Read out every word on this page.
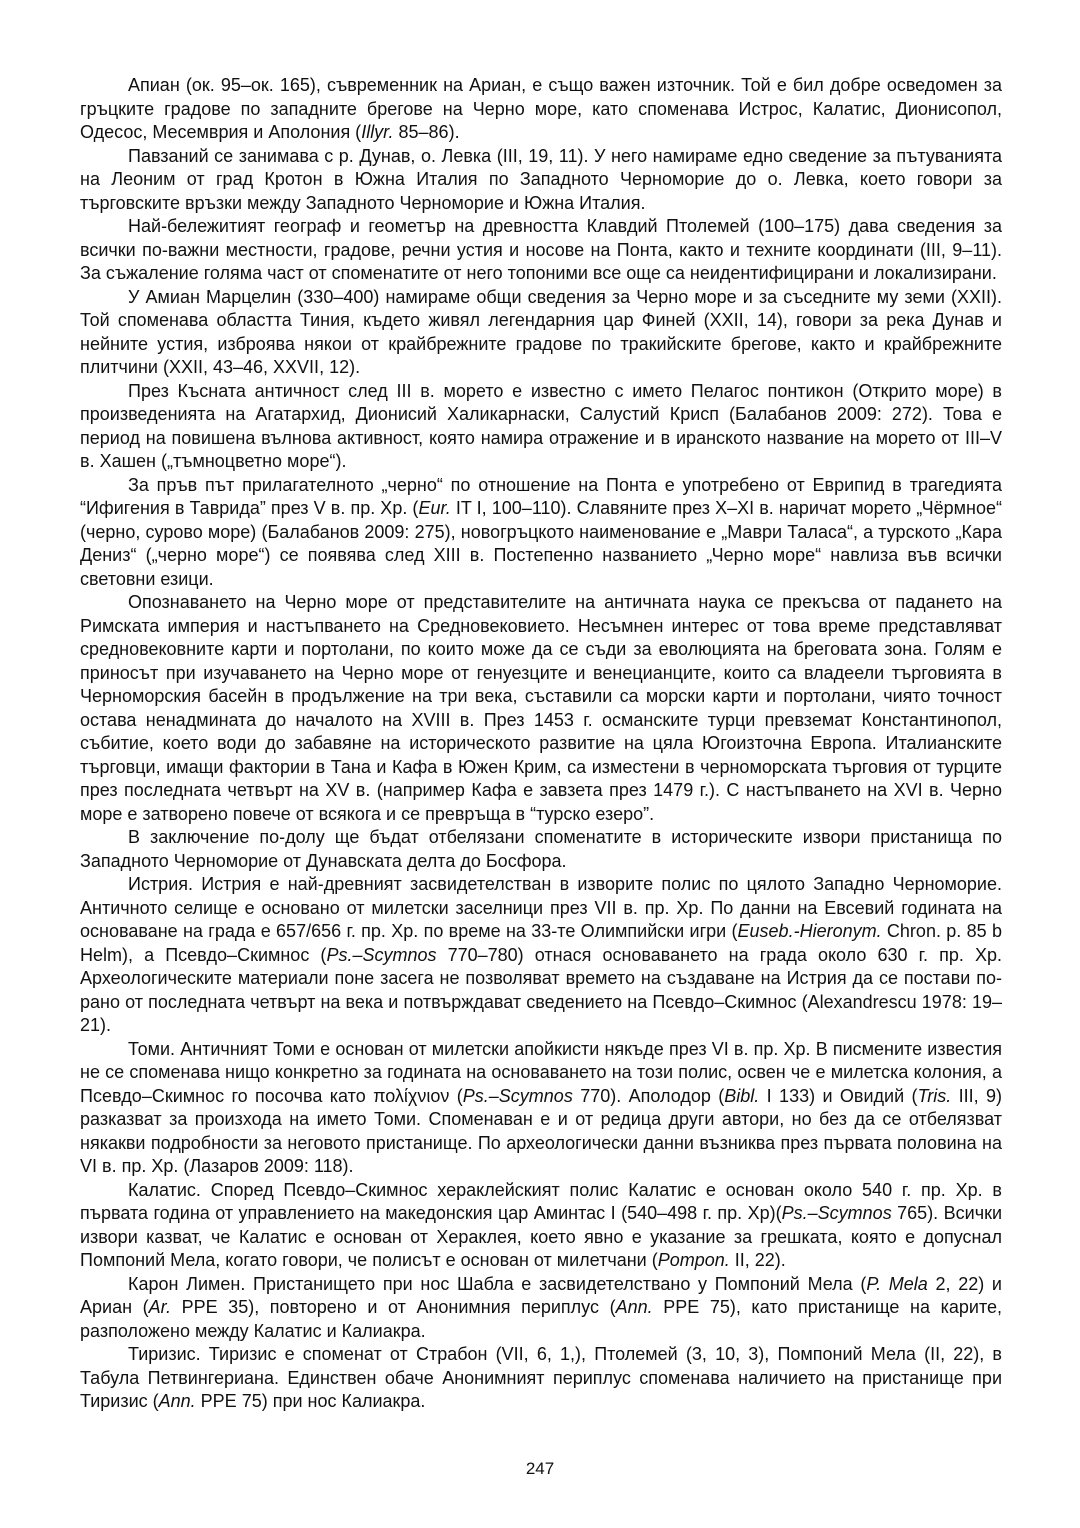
Апиан (ок. 95–ок. 165), съвременник на Ариан, е също важен източник. Той е бил добре осведомен за гръцките градове по западните брегове на Черно море, като споменава Истрос, Калатис, Дионисопол, Одесос, Месемврия и Аполония (Illyr. 85–86).

Павзаний се занимава с р. Дунав, о. Левка (III, 19, 11). У него намираме едно сведение за пътуванията на Леоним от град Кротон в Южна Италия по Западното Черноморие до о. Левка, което говори за търговските връзки между Западното Черноморие и Южна Италия.

Най-бележитият географ и геометър на древността Клавдий Птолемей (100–175) дава сведения за всички по-важни местности, градове, речни устия и носове на Понта, както и техните координати (III, 9–11). За съжаление голяма част от споменатите от него топоними все още са неидентифицирани и локализирани.

У Амиан Марцелин (330–400) намираме общи сведения за Черно море и за съседните му земи (XXII). Той споменава областта Тиния, където живял легендарния цар Финей (XXII, 14), говори за река Дунав и нейните устия, изброява някои от крайбрежните градове по тракийските брегове, както и крайбрежните плитчини (XXII, 43–46, XXVII, 12).

През Късната античност след III в. морето е известно с името Пелагос понтикон (Открито море) в произведенията на Агатархид, Дионисий Халикарнаски, Салустий Крисп (Балабанов 2009: 272). Това е период на повишена вълнова активност, която намира отражение и в иранското название на морето от III–V в. Хашен („тъмноцветно море“).

За пръв път прилагателното „черно“ по отношение на Понта е употребено от Еврипид в трагедията “Ифигения в Таврида” през V в. пр. Хр. (Eur. IT I, 100–110). Славяните през X–XI в. наричат морето „Чёрмное“ (черно, сурово море) (Балабанов 2009: 275), новогръцкото наименование е „Маври Таласа“, а турското „Кара Дениз“ („черно море“) се появява след XIII в. Постепенно названието „Черно море“ навлиза във всички световни езици.

Опознаването на Черно море от представителите на античната наука се прекъсва от падането на Римската империя и настъпването на Средновековието. Несъмнен интерес от това време представляват средновековните карти и портолани, по които може да се съди за еволюцията на бреговата зона. Голям е приносът при изучаването на Черно море от генуезците и венецианците, които са владеели търговията в Черноморския басейн в продължение на три века, съставили са морски карти и портолани, чиято точност остава ненадмината до началото на XVIII в. През 1453 г. османските турци превземат Константинопол, събитие, което води до забавяне на историческото развитие на цяла Югоизточна Европа. Италианските търговци, имащи фактории в Тана и Кафа в Южен Крим, са изместени в черноморската търговия от турците през последната четвърт на XV в. (например Кафа е завзета през 1479 г.). С настъпването на XVI в. Черно море е затворено повече от всякога и се превръща в “турско езеро”.

В заключение по-долу ще бъдат отбелязани споменатите в историческите извори пристанища по Западното Черноморие от Дунавската делта до Босфора.

Истрия. Истрия е най-древният засвидетелстван в изворите полис по цялото Западно Черноморие. Античното селище е основано от милетски заселници през VII в. пр. Хр. По данни на Евсевий годината на основаване на града е 657/656 г. пр. Хр. по време на 33-те Олимпийски игри (Euseb.-Hieronym. Chron. p. 85 b Helm), а Псевдо–Скимнос (Ps.–Scymnos 770–780) отнася основаването на града около 630 г. пр. Хр. Археологическите материали поне засега не позволяват времето на създаване на Истрия да се постави по-рано от последната четвърт на века и потвърждават сведението на Псевдо–Скимнос (Alexandrescu 1978: 19–21).

Томи. Античният Томи е основан от милетски апойкисти някъде през VI в. пр. Хр. В писмените известия не се споменава нищо конкретно за годината на основаването на този полис, освен че е милетска колония, а Псевдо–Скимнос го посочва като πολίχνιον (Ps.–Scymnos 770). Аполодор (Bibl. I 133) и Овидий (Tris. III, 9) разказват за произхода на името Томи. Споменаван е и от редица други автори, но без да се отбелязват някакви подробности за неговото пристанище. По археологически данни възниква през първата половина на VI в. пр. Хр. (Лазаров 2009: 118).

Калатис. Според Псевдо–Скимнос хераклейският полис Калатис е основан около 540 г. пр. Хр. в първата година от управлението на македонския цар Аминтас I (540–498 г. пр. Хр)(Ps.–Scymnos 765). Всички извори казват, че Калатис е основан от Хераклея, което явно е указание за грешката, която е допуснал Помпоний Мела, когато говори, че полисът е основан от милетчани (Pompon. II, 22).

Карон Лимен. Пристанището при нос Шабла е засвидетелствано у Помпоний Мела (P. Mela 2, 22) и Ариан (Ar. PPE 35), повторено и от Анонимния периплус (Ann. PPE 75), като пристанище на карите, разположено между Калатис и Калиакра.

Тиризис. Тиризис е споменат от Страбон (VII, 6, 1,), Птолемей (3, 10, 3), Помпоний Мела (II, 22), в Табула Петвингериана. Единствен обаче Анонимният периплус споменава наличието на пристанище при Тиризис (Ann. PPE 75) при нос Калиакра.

247
